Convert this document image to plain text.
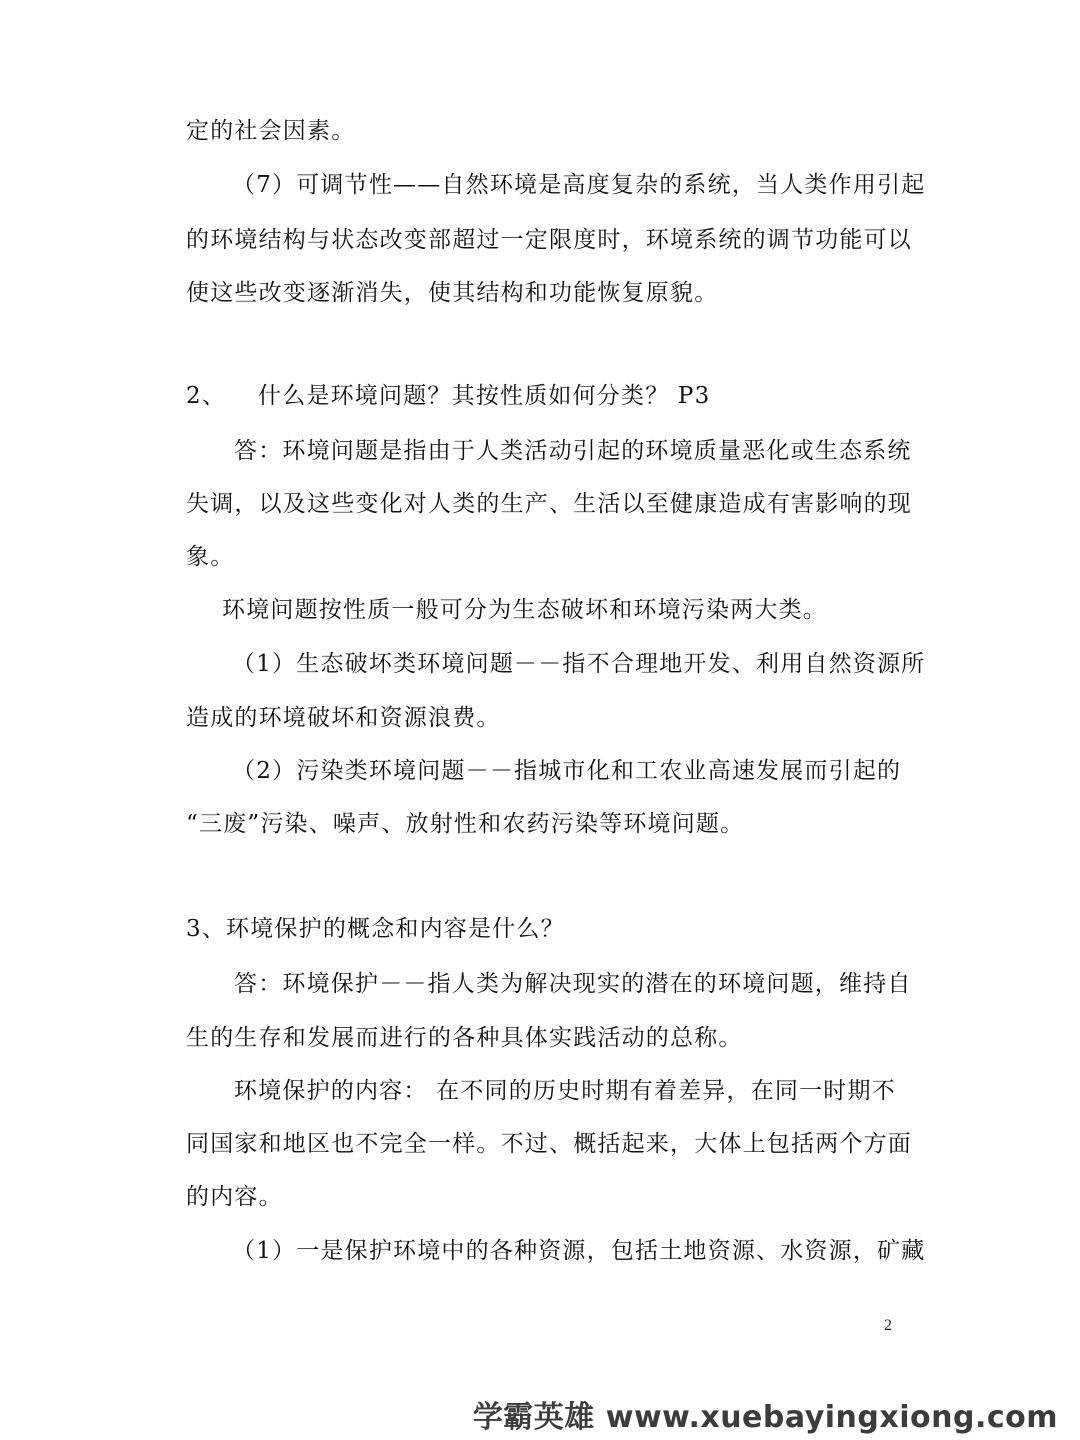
定的社会因素。
（7）可调节性——自然环境是高度复杂的系统，当人类作用引起
的环境结构与状态改变部超过一定限度时，环境系统的调节功能可以
使这些改变逐渐消失，使其结构和功能恢复原貌。
2、 什么是环境问题？其按性质如何分类？ P3
答：环境问题是指由于人类活动引起的环境质量恶化或生态系统
失调，以及这些变化对人类的生产、生活以至健康造成有害影响的现
象。
环境问题按性质一般可分为生态破坏和环境污染两大类。
（1）生态破坏类环境问题－－指不合理地开发、利用自然资源所
造成的环境破坏和资源浪费。
（2）污染类环境问题－－指城市化和工农业高速发展而引起的
“三废”污染、噪声、放射性和农药污染等环境问题。
3、环境保护的概念和内容是什么？
答：环境保护－－指人类为解决现实的潜在的环境问题，维持自
生的生存和发展而进行的各种具体实践活动的总称。
环境保护的内容： 在不同的历史时期有着差异，在同一时期不
同国家和地区也不完全一样。不过、概括起来，大体上包括两个方面
的内容。
（1）一是保护环境中的各种资源，包括土地资源、水资源，矿藏
2
学霸英雄 www.xuebayingxiong.com
